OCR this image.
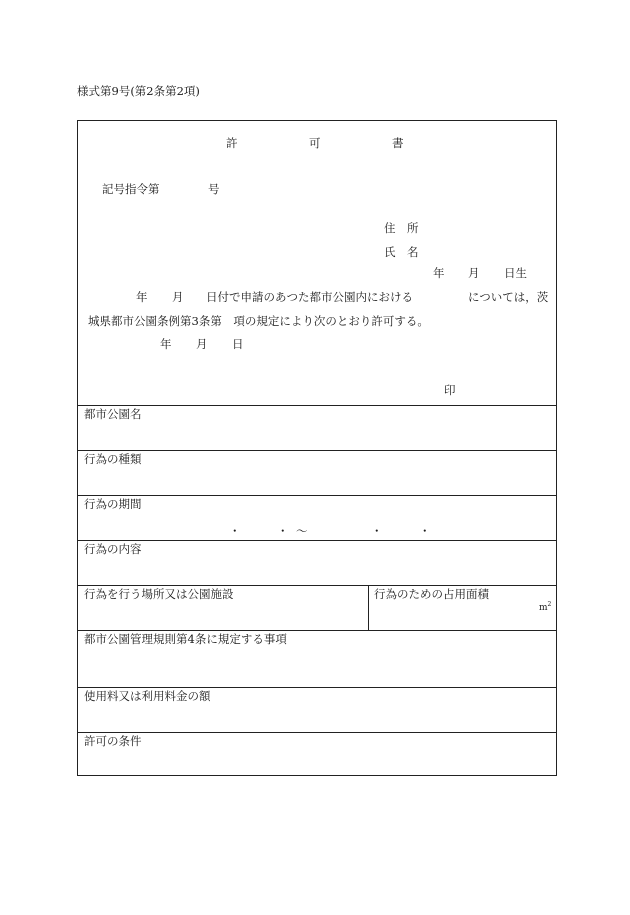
様式第9号(第2条第2項)
許	可	書
記号指令第	号
住　所
氏　名
年 月 日生
年 月 日付で申請のあつた都市公園内における	については，茨
城県都市公園条例第3条第　項の規定により次のとおり許可する。
年 月 日
印
都市公園名
行為の種類
行為の期間
・	・ ～	・	・
行為の内容
行為を行う場所又は公園施設	行為のための占用面積
$m^2$
都市公園管理規則第4条に規定する事項
使用料又は利用料金の額
許可の条件
